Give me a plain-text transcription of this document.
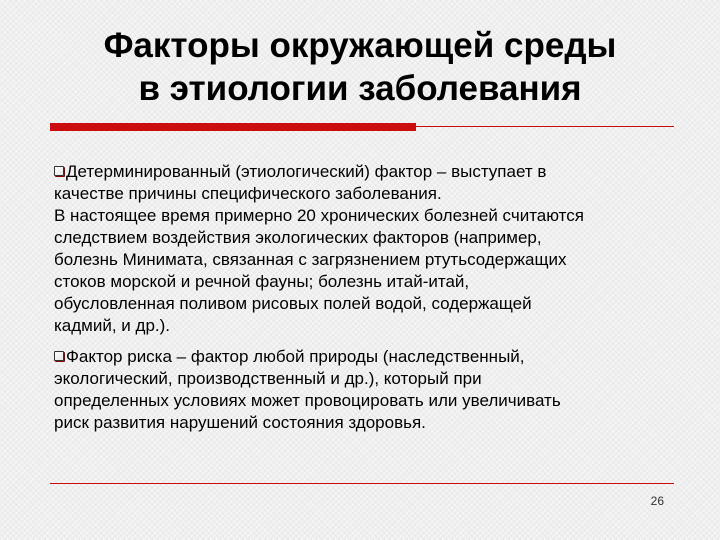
Факторы окружающей среды
в этиологии заболевания
Детерминированный (этиологический) фактор – выступает в
качестве причины специфического заболевания.
В настоящее время примерно 20 хронических болезней считаются
следствием воздействия экологических факторов (например,
болезнь Минимата, связанная с загрязнением ртутьсодержащих
стоков морской и речной фауны; болезнь итай-итай,
обусловленная поливом рисовых полей водой, содержащей
кадмий, и др.).
Фактор риска – фактор любой природы (наследственный,
экологический, производственный и др.), который при
определенных условиях может провоцировать или увеличивать
риск развития нарушений состояния здоровья.
26
